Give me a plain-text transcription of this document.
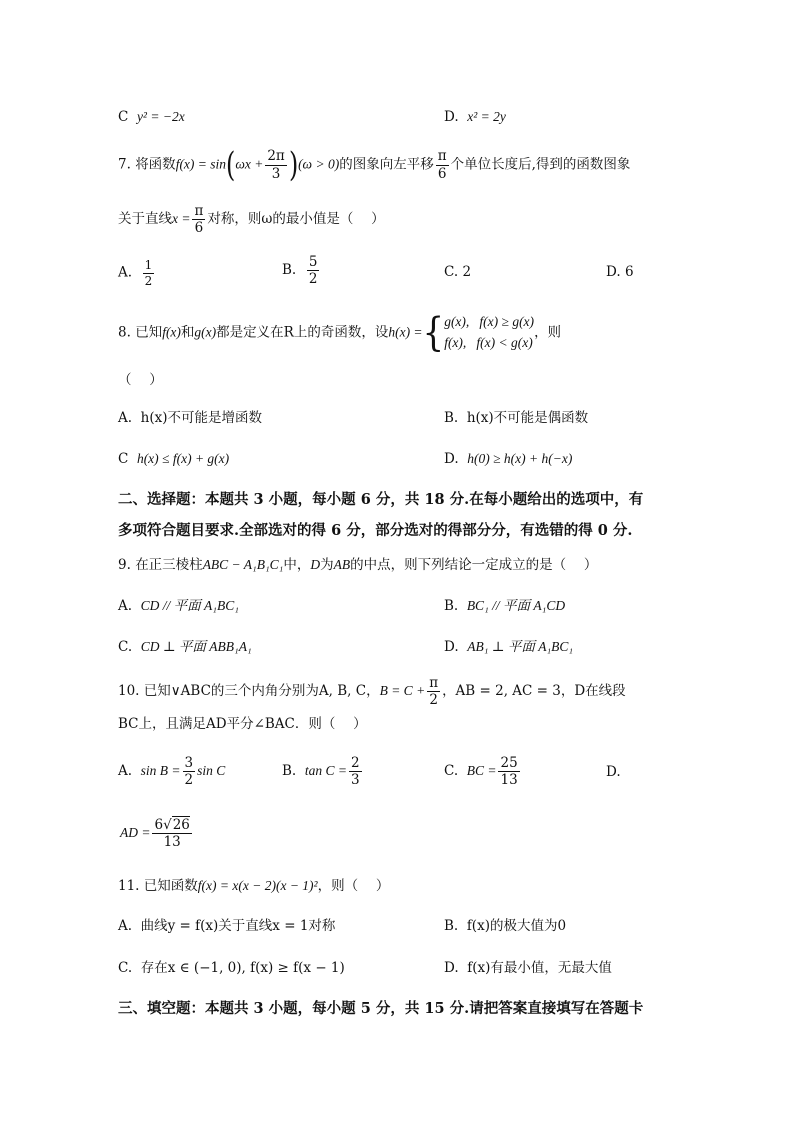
C y² = −2x	D. x² = 2y
7. 将函数$f(x) = \sin(\omega x + \frac{2\pi}{3} )(\omega > 0)$的图象向左平移 $\frac{\pi}{6}$ 个单位长度后,得到的函数图象
关于直线$x = \frac{\pi}{6}$ 对称，则ω的最小值是（　 ）
A. $\frac{1}{2}$	B. $\frac{5}{2}$	C. 2	D. 6
8. 已知f(x)和g(x)都是定义在R上的奇函数，设h(x) ={ g(x), f(x) ≥ g(x)
f(x), f(x) < g(x)
，则
（　 ）
A. h(x)不可能是增函数	B. h(x)不可能是偶函数
C h(x) ≤ f(x) + g(x)	D. h(0) ≥ h(x) + h(−x)
二、选择题：本题共 3 小题，每小题 6 分，共 18 分.在每小题给出的选项中，有
多项符合题目要求.全部选对的得 6 分，部分选对的得部分分，有选错的得 0 分.
9. 在正三棱柱ABC − A₁B₁C₁中，D为AB的中点，则下列结论一定成立的是（　 ）
A. CD // 平面 A₁BC₁	B. BC₁ // 平面 A₁CD
C. CD ⊥ 平面 ABB₁A₁	D. AB₁ ⊥ 平面 A₁BC₁
10. 已知∨ABC的三个内角分别为A, B, C，$B = C + \frac{\pi}{2}$ ，AB = 2, AC = 3，D在线段
BC上，且满足AD平分∠BAC．则（　 ）
A. $\sin B = \frac{3}{2}$ sin C	B. $\tan C = \frac{2}{3}$	C. BC = $\frac{25}{13}$	D.
AD = $\frac{6√26}{13}$
11. 已知函数f(x) = x(x − 2)(x − 1)²，则（　 ）
A. 曲线y = f(x)关于直线x = 1对称	B. f(x)的极大值为0
C. 存在x ∈ (−1, 0), f(x) ≥ f(x − 1)	D. f(x)有最小值，无最大值
三、填空题：本题共 3 小题，每小题 5 分，共 15 分.请把答案直接填写在答题卡
